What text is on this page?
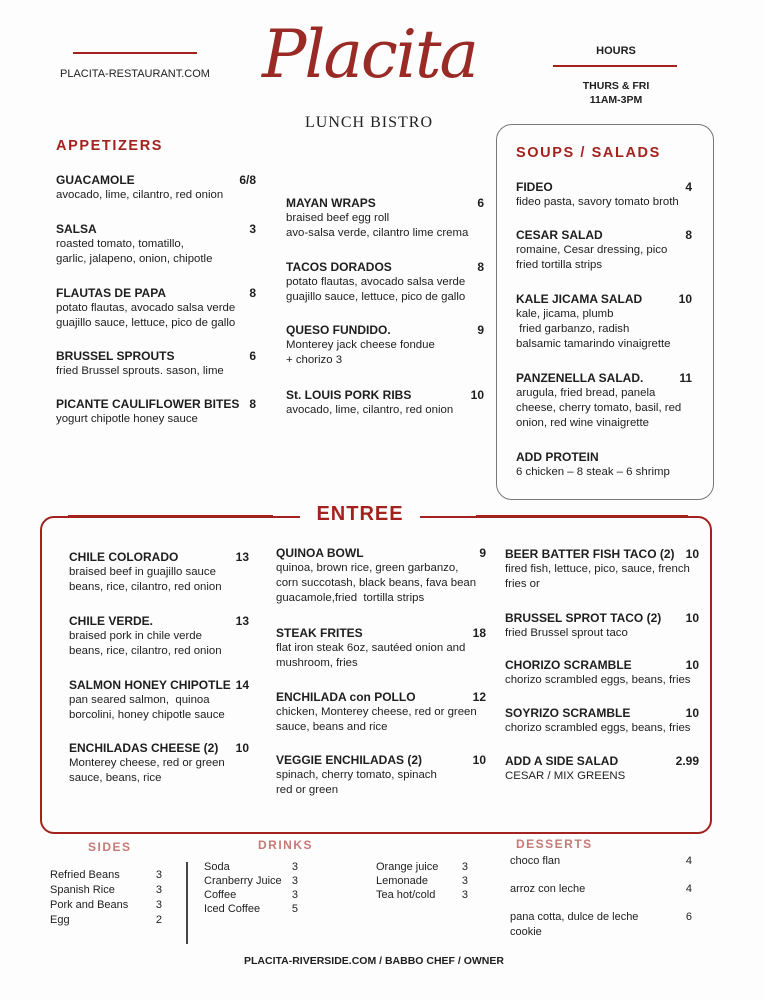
PLACITA-RESTAURANT.COM Placita
LUNCH BISTRO
HOURS
THURS & FRI
11AM-3PM
APPETIZERS
GUACAMOLE	6/8
avocado, lime, cilantro, red onion
SALSA	3
roasted tomato, tomatillo,
garlic, jalapeno, onion, chipotle
FLAUTAS DE PAPA	8
potato flautas, avocado salsa verde
guajillo sauce, lettuce, pico de gallo
BRUSSEL SPROUTS	6
fried Brussel sprouts. sason, lime
PICANTE CAULIFLOWER BITES 8
yogurt chipotle honey sauce
MAYAN WRAPS	6
braised beef egg roll
avo-salsa verde, cilantro lime crema
TACOS DORADOS	8
potato flautas, avocado salsa verde
guajillo sauce, lettuce, pico de gallo
QUESO FUNDIDO.	9
Monterey jack cheese fondue
+ chorizo 3
St. LOUIS PORK RIBS	10
avocado, lime, cilantro, red onion
SOUPS / SALADS
FIDEO	4
fideo pasta, savory tomato broth
CESAR SALAD	8
romaine, Cesar dressing, pico
fried tortilla strips
KALE JICAMA SALAD	10
kale, jicama, plumb
fried garbanzo, radish
balsamic tamarindo vinaigrette
PANZENELLA SALAD.	11
arugula, fried bread, panela
cheese, cherry tomato, basil, red
onion, red wine vinaigrette
ADD PROTEIN
6 chicken – 8 steak – 6 shrimp
ENTREE
CHILE COLORADO	13
braised beef in guajillo sauce
beans, rice, cilantro, red onion
CHILE VERDE.	13
braised pork in chile verde
beans, rice, cilantro, red onion
SALMON HONEY CHIPOTLE 14
pan seared salmon,  quinoa
borcolini, honey chipotle sauce
ENCHILADAS CHEESE (2) 10
Monterey cheese, red or green
sauce, beans, rice
QUINOA BOWL	9
quinoa, brown rice, green garbanzo,
corn succotash, black beans, fava bean
guacamole,fried  tortilla strips
STEAK FRITES	18
flat iron steak 6oz, sautéed onion and
mushroom, fries
ENCHILADA con POLLO	12
chicken, Monterey cheese, red or green
sauce, beans and rice
VEGGIE ENCHILADAS (2)	10
spinach, cherry tomato, spinach
red or green
BEER BATTER FISH TACO (2) 10
fired fish, lettuce, pico, sauce, french
fries or
BRUSSEL SPROT TACO (2) 10
fried Brussel sprout taco
CHORIZO SCRAMBLE	10
chorizo scrambled eggs, beans, fries
SOYRIZO SCRAMBLE	10
chorizo scrambled eggs, beans, fries
ADD A SIDE SALAD	2.99
CESAR / MIX GREENS
SIDES
Refried Beans	3
Spanish Rice	3
Pork and Beans	3
Egg	2
DRINKS
Soda	3
Cranberry Juice 3
Coffee	3
Iced Coffee	5
Orange juice 3
Lemonade	3
Tea hot/cold 3
DESSERTS
choco flan	4
arroz con leche	4
pana cotta, dulce de leche
cookie
6
PLACITA-RIVERSIDE.COM / BABBO CHEF / OWNER
